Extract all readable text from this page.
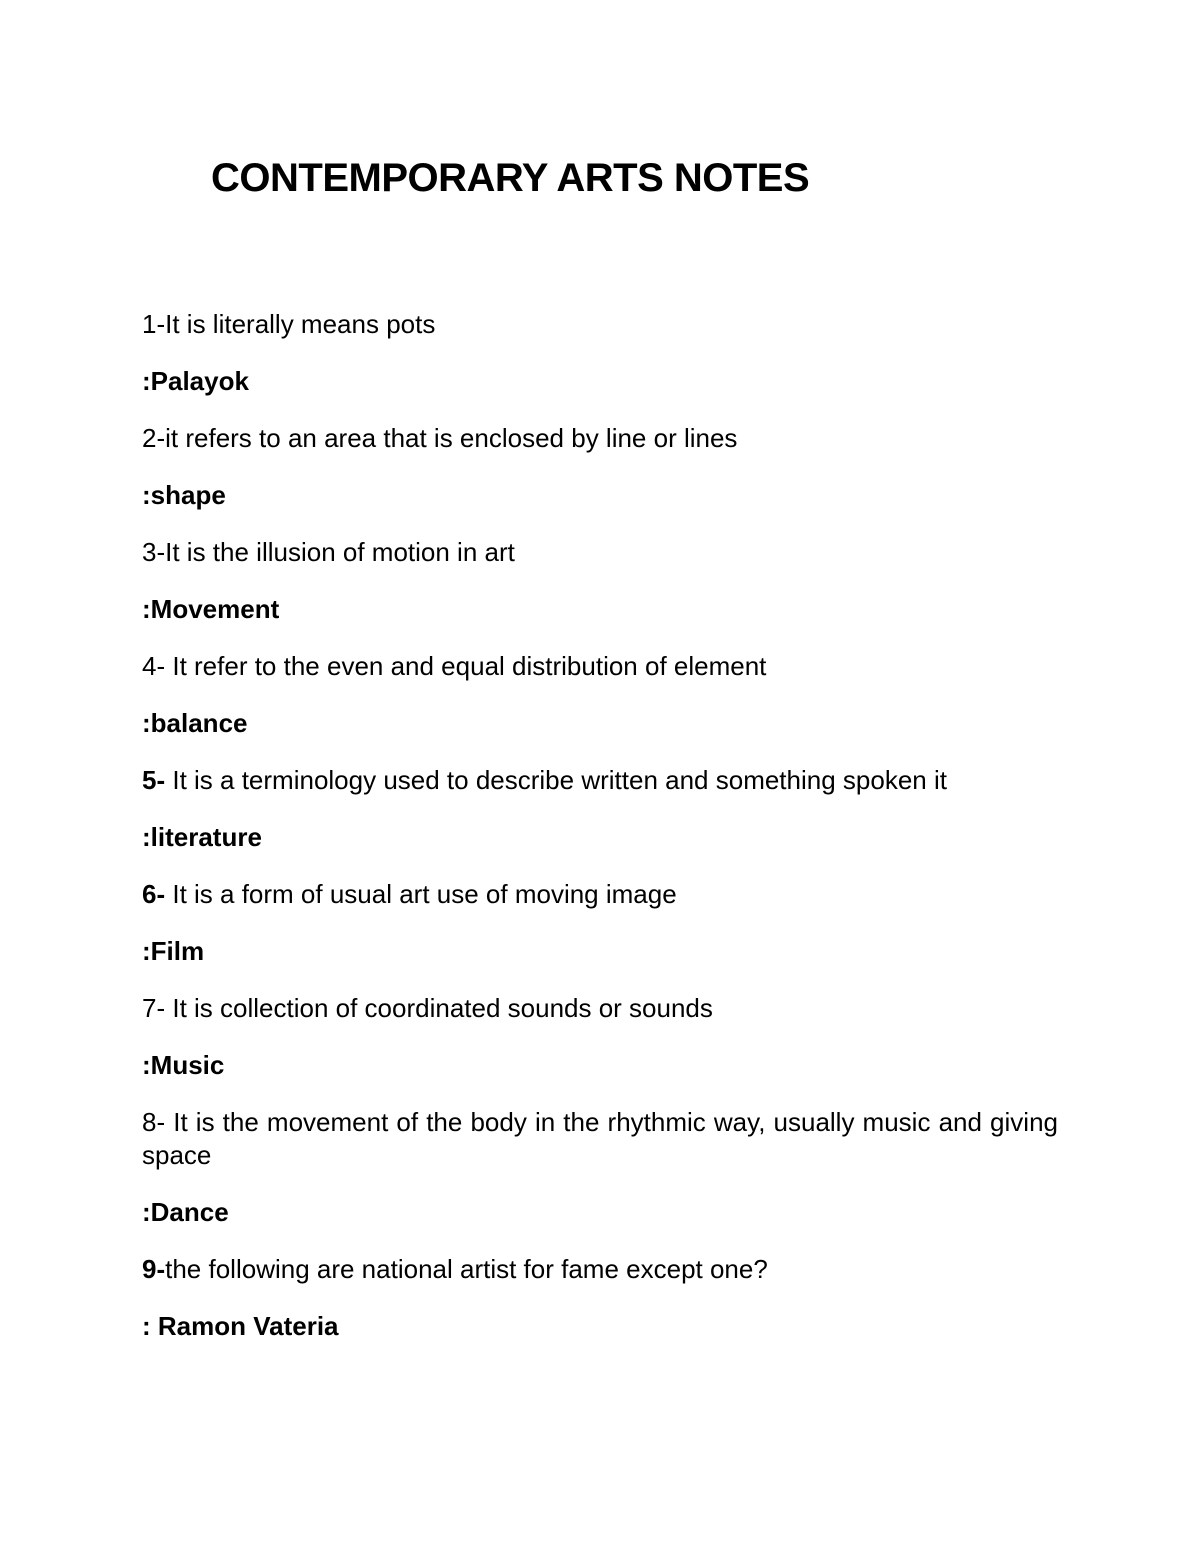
CONTEMPORARY ARTS NOTES

1-It is literally means pots

:Palayok

2-it refers to an area that is enclosed by line or lines

:shape

3-It is the illusion of motion in art

:Movement

4- It refer to the even and equal distribution of element

:balance

5- It is a terminology used to describe written and something spoken it

:literature

6- It is a form of usual art use of moving image

:Film

7- It is collection of coordinated sounds or sounds

:Music

8- It is the movement of the body in the rhythmic way, usually music and giving space

:Dance

9-the following are national artist for fame except one?

: Ramon Vateria
